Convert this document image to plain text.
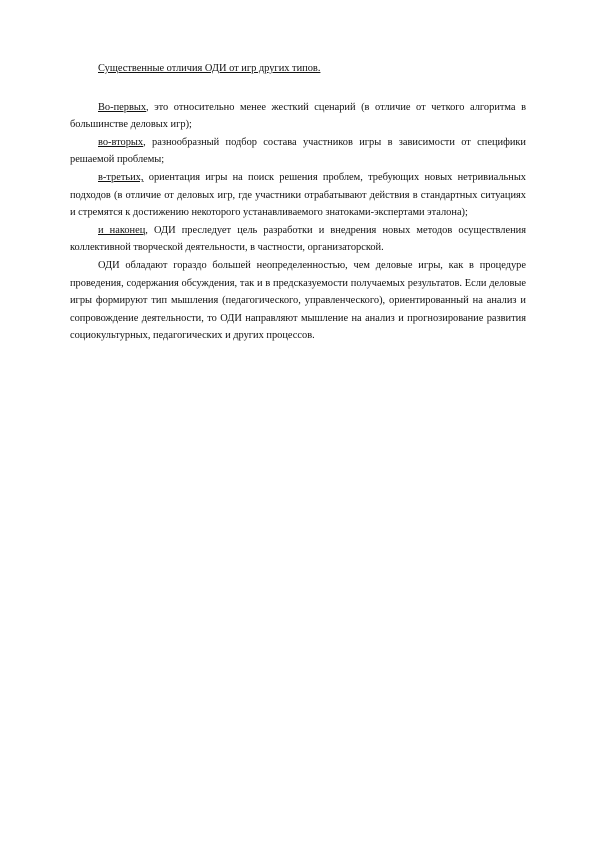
Существенные отличия ОДИ от игр других типов.

Во-первых, это относительно менее жесткий сценарий (в отличие от четкого алгоритма в большинстве деловых игр);

во-вторых, разнообразный подбор состава участников игры в зависимости от специфики решаемой проблемы;

в-третьих, ориентация игры на поиск решения проблем, требующих новых нетривиальных подходов (в отличие от деловых игр, где участники отрабатывают действия в стандартных ситуациях и стремятся к достижению некоторого устанавливаемого знатоками-экспертами эталона);

и наконец, ОДИ преследует цель разработки и внедрения новых методов осуществления коллективной творческой деятельности, в частности, организаторской.

ОДИ обладают гораздо большей неопределенностью, чем деловые игры, как в процедуре проведения, содержания обсуждения, так и в предсказуемости получаемых результатов. Если деловые игры формируют тип мышления (педагогического, управленческого), ориентированный на анализ и сопровождение деятельности, то ОДИ направляют мышление на анализ и прогнозирование развития социокультурных, педагогических и других процессов.
